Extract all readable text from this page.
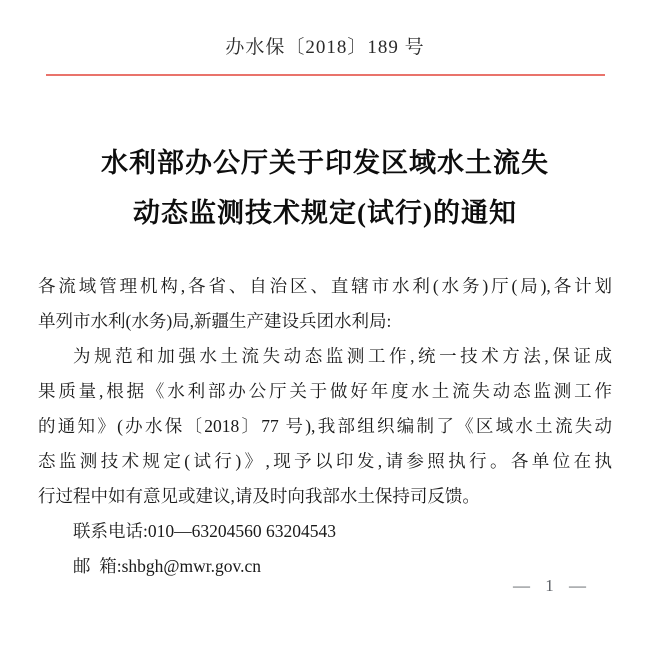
办水保〔2018〕189 号
水利部办公厅关于印发区域水土流失
动态监测技术规定(试行)的通知
各流域管理机构,各省、自治区、直辖市水利(水务)厅(局),各计划
单列市水利(水务)局,新疆生产建设兵团水利局:
为规范和加强水土流失动态监测工作,统一技术方法,保证成
果质量,根据《水利部办公厅关于做好年度水土流失动态监测工作
的通知》(办水保〔2018〕77 号),我部组织编制了《区域水土流失动
态监测技术规定(试行)》,现予以印发,请参照执行。各单位在执
行过程中如有意见或建议,请及时向我部水土保持司反馈。
联系电话:010—63204560 63204543
邮  箱:shbgh@mwr.gov.cn
— 1 —
